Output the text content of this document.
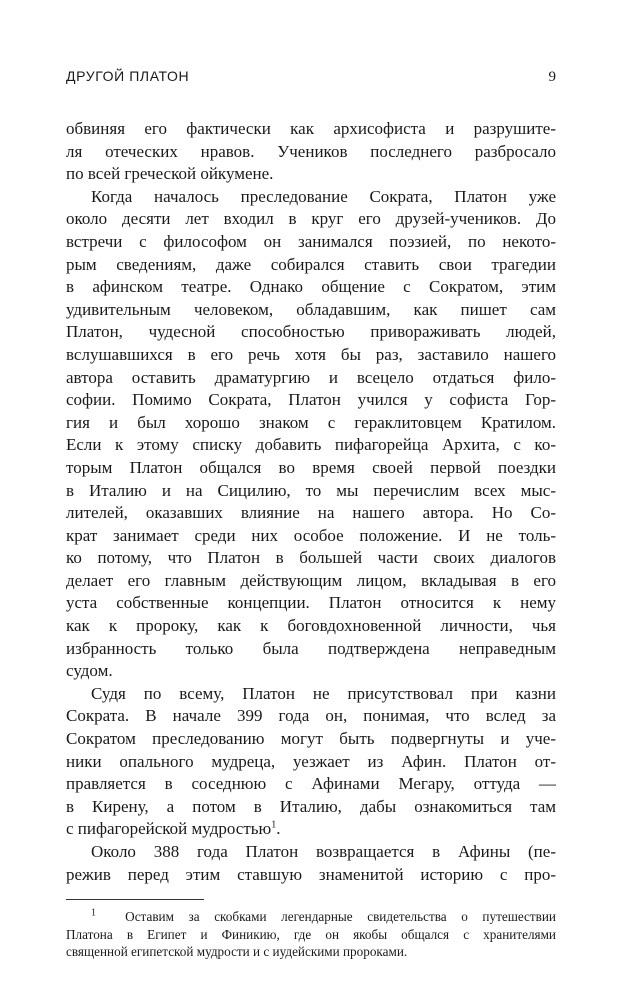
ДРУГОЙ ПЛАТОН	9
обвиняя его фактически как архисофиста и разрушите-
ля отеческих нравов. Учеников последнего разбросало
по всей греческой ойкумене.
Когда началось преследование Сократа, Платон уже
около десяти лет входил в круг его друзей-учеников. До
встречи с философом он занимался поэзией, по некото-
рым сведениям, даже собирался ставить свои трагедии
в афинском театре. Однако общение с Сократом, этим
удивительным человеком, обладавшим, как пишет сам
Платон, чудесной способностью привораживать людей,
вслушавшихся в его речь хотя бы раз, заставило нашего
автора оставить драматургию и всецело отдаться фило-
софии. Помимо Сократа, Платон учился у софиста Гор-
гия и был хорошо знаком с гераклитовцем Кратилом.
Если к этому списку добавить пифагорейца Архита, с ко-
торым Платон общался во время своей первой поездки
в Италию и на Сицилию, то мы перечислим всех мыс-
лителей, оказавших влияние на нашего автора. Но Со-
крат занимает среди них особое положение. И не толь-
ко потому, что Платон в большей части своих диалогов
делает его главным действующим лицом, вкладывая в его
уста собственные концепции. Платон относится к нему
как к пророку, как к боговдохновенной личности, чья
избранность только была подтверждена неправедным
судом.
Судя по всему, Платон не присутствовал при казни
Сократа. В начале 399 года он, понимая, что вслед за
Сократом преследованию могут быть подвергнуты и уче-
ники опального мудреца, уезжает из Афин. Платон от-
правляется в соседнюю с Афинами Мегару, оттуда —
в Кирену, а потом в Италию, дабы ознакомиться там
с пифагорейской мудростью$^1$.
Около 388 года Платон возвращается в Афины (пе-
режив перед этим ставшую знаменитой историю с про-
$^1$ Оставим за скобками легендарные свидетельства о путешествии
Платона в Египет и Финикию, где он якобы общался с хранителями
священной египетской мудрости и с иудейскими пророками.
